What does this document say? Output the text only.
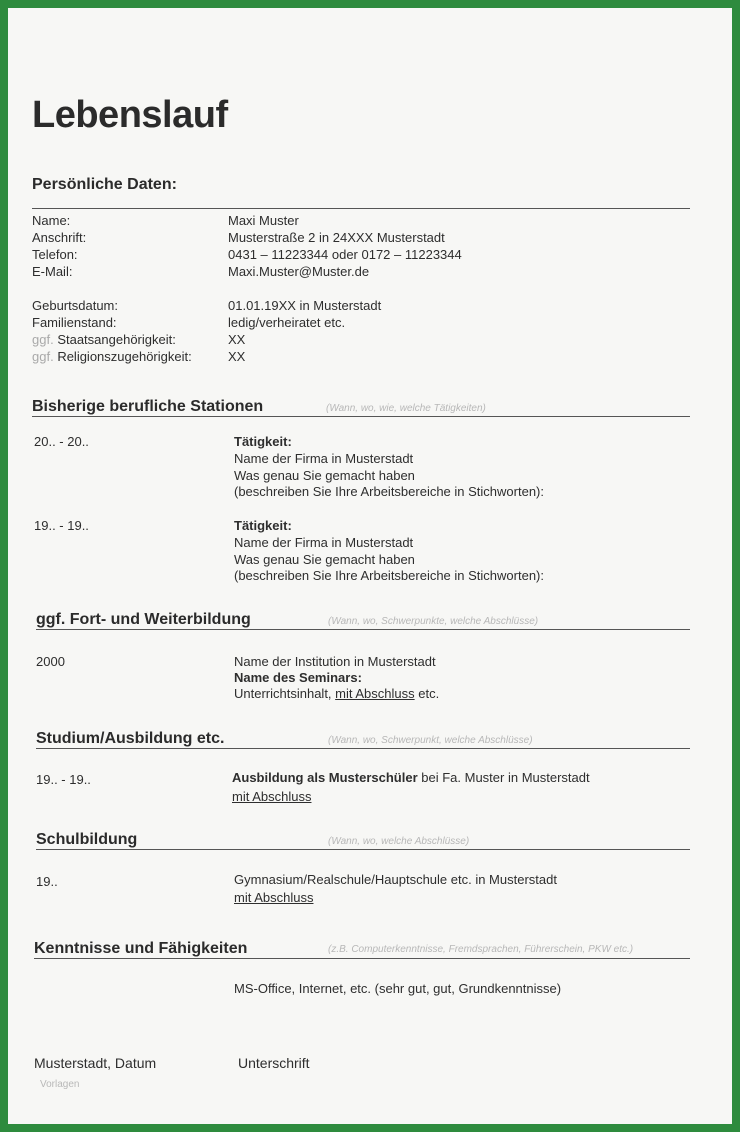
Lebenslauf
Persönliche Daten:
Name:	Maxi Muster
Anschrift:	Musterstraße 2 in 24XXX Musterstadt
Telefon:	0431 – 11223344 oder 0172 – 11223344
E-Mail:	Maxi.Muster@Muster.de
Geburtsdatum:	01.01.19XX in Musterstadt
Familienstand:	ledig/verheiratet etc.
ggf. Staatsangehörigkeit:	XX
ggf. Religionszugehörigkeit:	XX
Bisherige berufliche Stationen	(Wann, wo, wie, welche Tätigkeiten)
20.. - 20..	Tätigkeit:
Name der Firma in Musterstadt
Was genau Sie gemacht haben
(beschreiben Sie Ihre Arbeitsbereiche in Stichworten):
19.. - 19..	Tätigkeit:
Name der Firma in Musterstadt
Was genau Sie gemacht haben
(beschreiben Sie Ihre Arbeitsbereiche in Stichworten):
ggf. Fort- und Weiterbildung	(Wann, wo, Schwerpunkte, welche Abschlüsse)
2000	Name der Institution in Musterstadt
Name des Seminars:
Unterrichtsinhalt, mit Abschluss etc.
Studium/Ausbildung etc.	(Wann, wo, Schwerpunkt, welche Abschlüsse)
19.. - 19..	Ausbildung als Musterschüler bei Fa. Muster in Musterstadt
mit Abschluss
Schulbildung	(Wann, wo, welche Abschlüsse)
19..	Gymnasium/Realschule/Hauptschule etc. in Musterstadt
mit Abschluss
Kenntnisse und Fähigkeiten	(z.B. Computerkenntnisse, Fremdsprachen, Führerschein, PKW etc.)
MS-Office, Internet, etc. (sehr gut, gut, Grundkenntnisse)
Musterstadt, Datum	Unterschrift
Vorlagen
